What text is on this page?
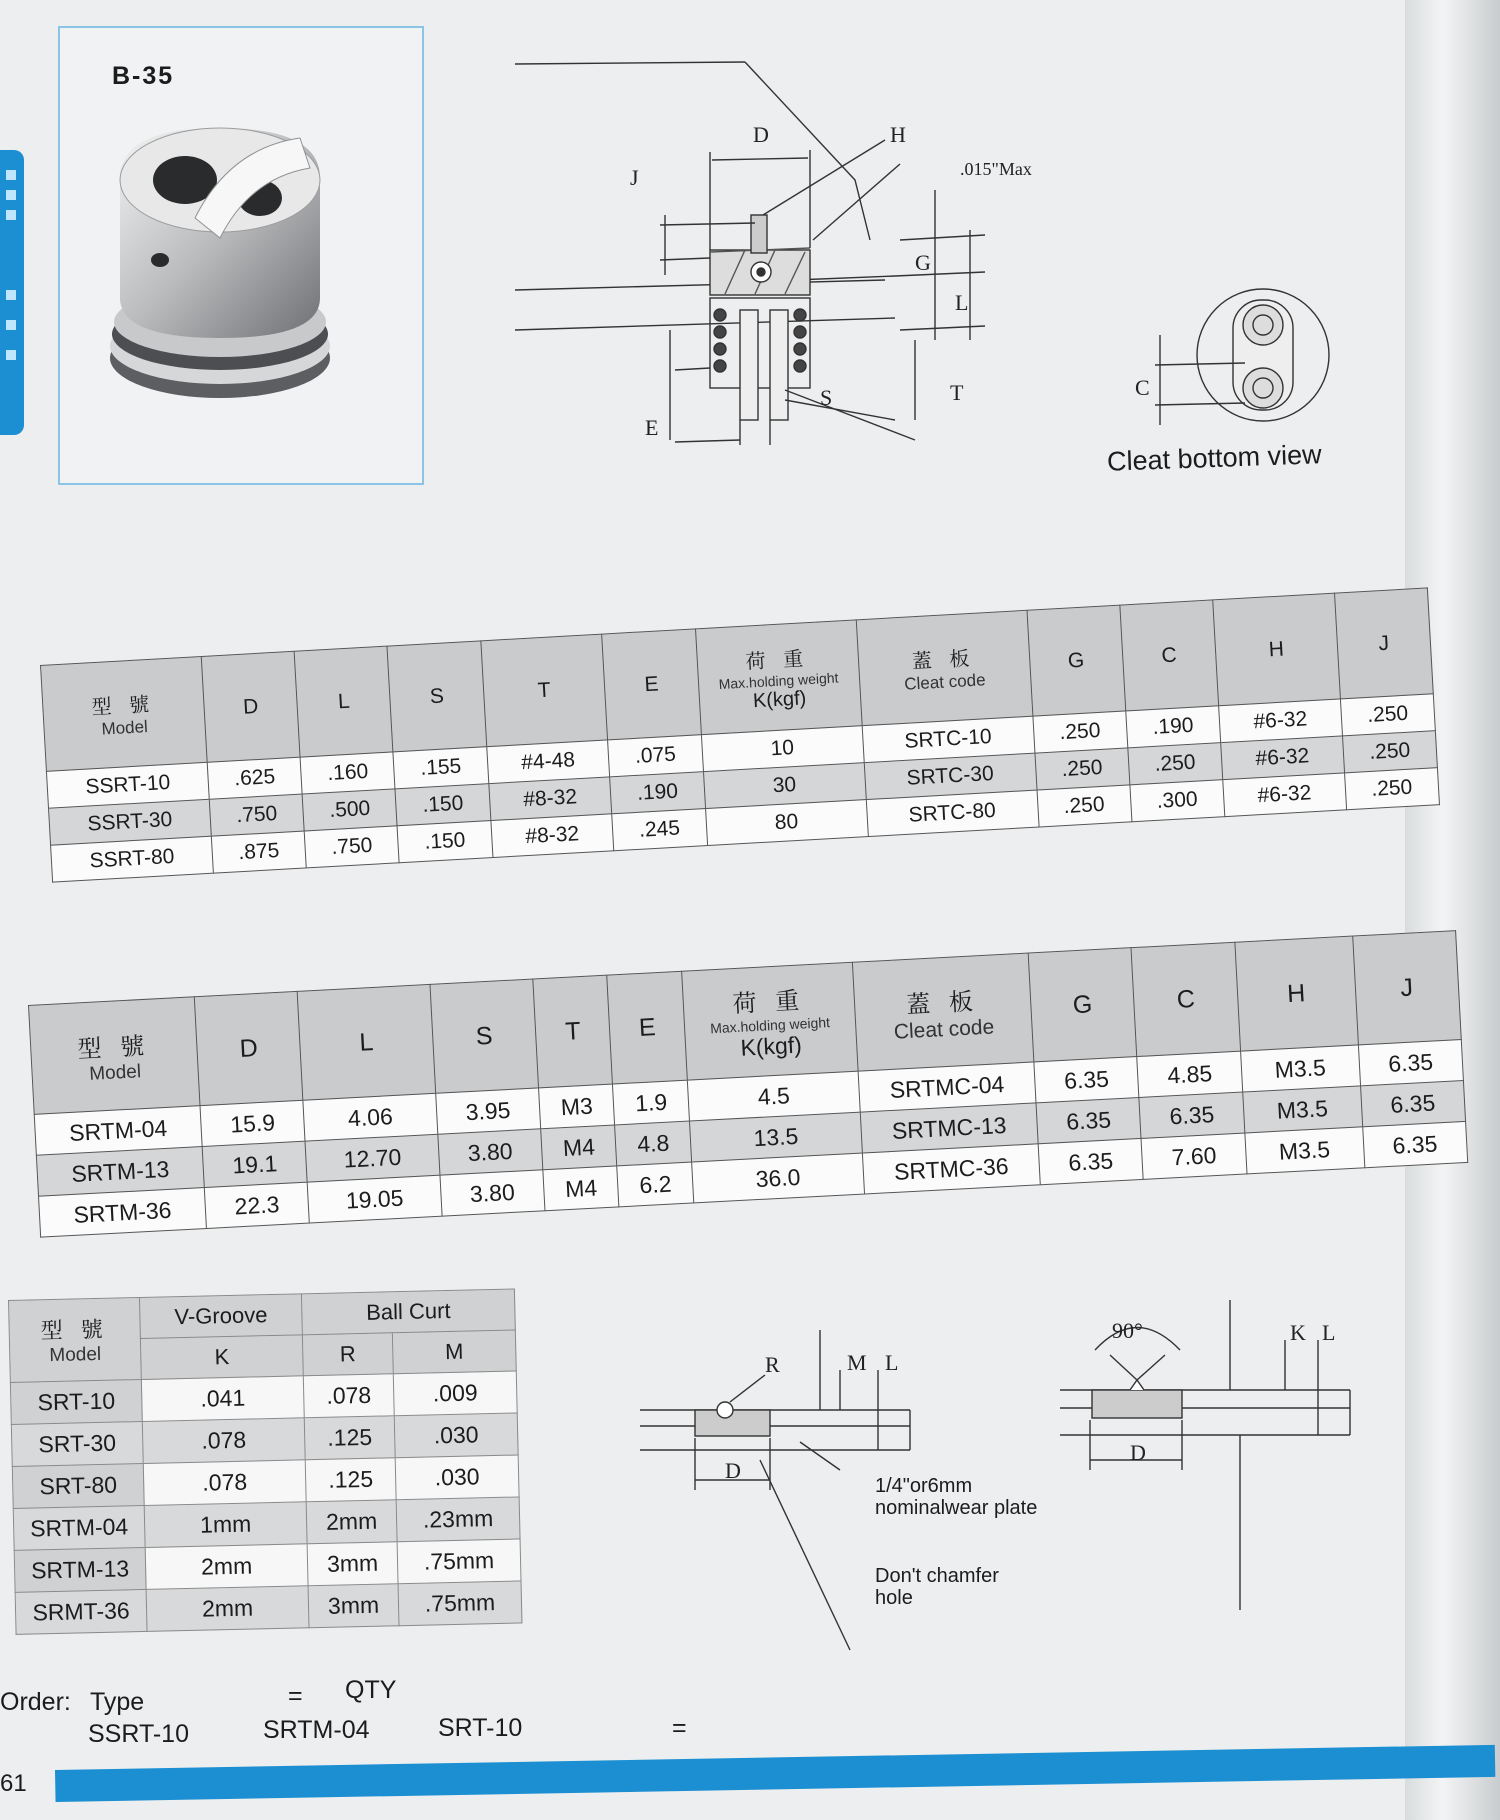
B-35
D	H
J	.015"Max
G
L
T
S
E
C
Cleat bottom view
型 號
Model	D	L	S	T	E	荷 重
Max.holding weight
K(kgf)	蓋 板
Cleat code	G	C	H	J
SSRT-10	.625	.160	.155	#4-48	.075	10	SRTC-10	.250	.190	#6-32	.250
SSRT-30	.750	.500	.150	#8-32	.190	30	SRTC-30	.250	.250	#6-32	.250
SSRT-80	.875	.750	.150	#8-32	.245	80	SRTC-80	.250	.300	#6-32	.250
型 號
Model	D	L	S	T	E	荷 重
Max.holding weight
K(kgf)	蓋 板
Cleat code	G	C	H	J
SRTM-04	15.9	4.06	3.95	M3	1.9	4.5	SRTMC-04	6.35	4.85	M3.5	6.35
SRTM-13	19.1	12.70	3.80	M4	4.8	13.5	SRTMC-13	6.35	6.35	M3.5	6.35
SRTM-36	22.3	19.05	3.80	M4	6.2	36.0	SRTMC-36	6.35	7.60	M3.5	6.35
型 號
Model	V-Groove	Ball Curt	
	K	R	M
SRT-10	.041	.078	.009
SRT-30	.078	.125	.030
SRT-80	.078	.125	.030
SRTM-04	1mm	2mm	.23mm
SRTM-13	2mm	3mm	.75mm
SRMT-36	2mm	3mm	.75mm
R	M L
D
1/4"or6mm nominalwear plate
Don't chamfer hole
90°	K L
D
Order: Type	= QTY
SSRT-10	SRTM-04	SRT-10	=
61
